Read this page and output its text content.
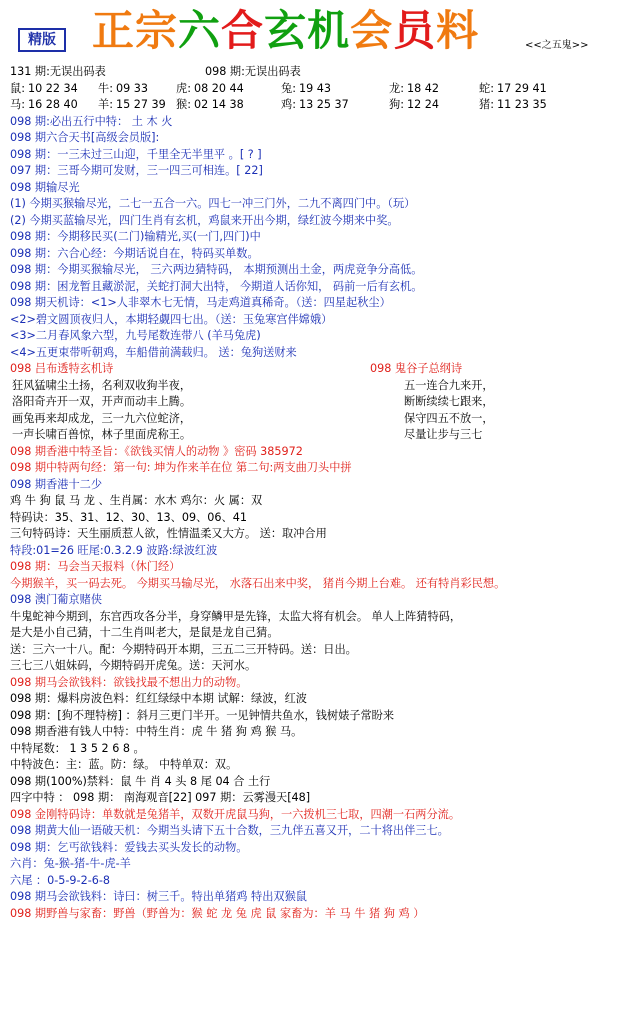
精版 正宗六合玄机会员料	<<之五鬼>>
131 期:无误出码表	098 期:无误出码表
鼠: 10 22 34 牛: 09 33	虎: 08 20 44	兔: 19 43	龙: 18 42	蛇: 17 29 41
马: 16 28 40 羊: 15 27 39 猴: 02 14 38	鸡: 13 25 37	狗: 12 24	猪: 11 23 35
098 期:必出五行中特： 土 木 火
098 期六合天书[高级会员版]:
098 期：一三未过三山迎，千里全无半里平 。[ ? ]
097 期：三哥今期可发财，三一四三可相连。[ 22]
098 期输尽光
(1) 今期买猴输尽光，二七一五合一六。四七一冲三门外，二九不离四门中。（玩）
(2) 今期买蓝输尽光，四门生肖有玄机，鸡鼠来开出今期，绿红波今期来中奖。
098 期：今期移民买(二门)输精光,买(一门,四门)中
098 期：六合心经：今期话说自在，特码买单数。
098 期：今期买猴输尽光， 三六两边猜特码， 本期预测出土金，两虎竞争分高低。
098 期：困龙暂且藏淤泥，关蛇打洞大出特， 今期道人话你知， 码前一后有玄机。
098 期天机诗：<1>人非翠木七无情，马走鸡道真稀奇。（送：四星起秋尘）
<2>碧文圆顶夜归人，本期轻觑四七出。（送：玉兔寒宫伴嫦娥）
<3>二月春风象六型，九号尾数连带八 (羊马兔虎)
<4>五更束带听朝鸡，车船借前满载归。 送：兔狗送财来
098 吕布透特玄机诗	098 鬼谷子总纲诗
狂风猛啸尘土扬，名利双收狗半夜，	五一连合九来开，
洛阳奇卉开一双，开声而动丰上腾。	断断续续七跟来，
画兔再来却成龙，三一九六位蛇济，	保守四五不放一，
一声长啸百兽惊，林子里面虎称王。	尽量让步与三七
098 期香港中特圣旨：《欲钱买情人的动物 》密码 385972
098 期中特两句经：第一句: 坤为作来羊在位 第二句:两支曲刀头中拼
098 期香港十二少
鸡 牛 狗 鼠 马 龙 、生肖属：水木 鸡尔：火 属：双
特码诀：35、31、12、30、13、09、06、41
三句特码诗：天生丽质惹人欲，性情温柔又大方。 送：取冲合用
特段:01=26 旺尾:0.3.2.9 波路:绿波红波
098 期：马会当天报料（休门经）
今期猴羊，买一码去死。 今期买马输尽光， 水落石出来中奖， 猪肖今期上台难。 还有特肖彩民想。
098 澳门葡京赌侠
牛鬼蛇神今期到，东宫西攻各分半，身穿鳞甲是先锋，太监大将有机会。 单人上阵猜特码，
是大是小自己猜，十二生肖叫老大，是鼠是龙自己猜。
送：三六一十八。配：今期特码开本期，三五二三开特码。送：日出。
三七三八姐妹码，今期特码开虎兔。送：天河水。
098 期马会欲钱料：欲钱找最不想出力的动物。
098 期：爆料房波色料：红红绿绿中本期 试解：绿波，红波
098 期：[狗不理特榜] ：斜月三更门半开。一见钟情共鱼水，钱树婊子常盼来
098 期香港有钱人中特：中特生肖：虎 牛 猪 狗 鸡 猴 马。
中特尾数： 1 3 5 2 6 8 。
中特波色：主：蓝。防：绿。 中特单双：双。
098 期(100%)禁料：鼠 牛 肖 4 头 8 尾 04 合 土行
四字中特 ： 098 期： 南海观音[22] 097 期：云雾漫天[48]
098 金刚特码诗：单数就是兔猪羊，双数开虎鼠马狗，一六拨机三七取，四潮一石两分流。
098 期黄大仙一语破天机：今期当头请下五十合数，三九伴五喜又开，二十将出伴三七。
098 期：乞丐欲钱料：爱钱去买头发长的动物。
六肖：兔-猴-猪-牛-虎-羊
六尾 ：0-5-9-2-6-8
098 期马会欲钱料：诗曰：树三千。特出单猪鸡 特出双猴鼠
098 期野兽与家畜：野兽（野兽为：猴 蛇 龙 兔 虎 鼠 家畜为：羊 马 牛 猪 狗 鸡 ）
